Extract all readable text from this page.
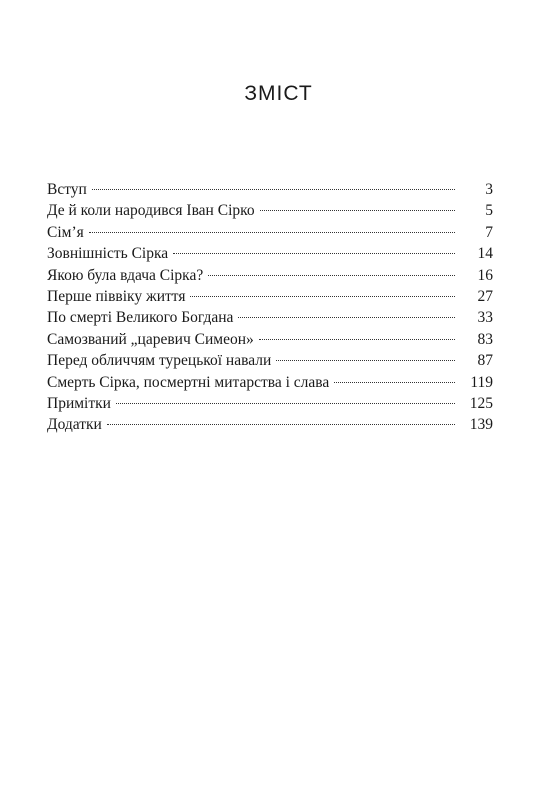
ЗМІСТ
Вступ	3
Де й коли народився Іван Сірко	5
Сім’я	7
Зовнішність Сірка	14
Якою була вдача Сірка?	16
Перше піввіку життя	27
По смерті Великого Богдана	33
Самозваний „царевич Симеон»	83
Перед обличчям турецької навали	87
Смерть Сірка, посмертні митарства і слава	119
Примітки	125
Додатки	139
